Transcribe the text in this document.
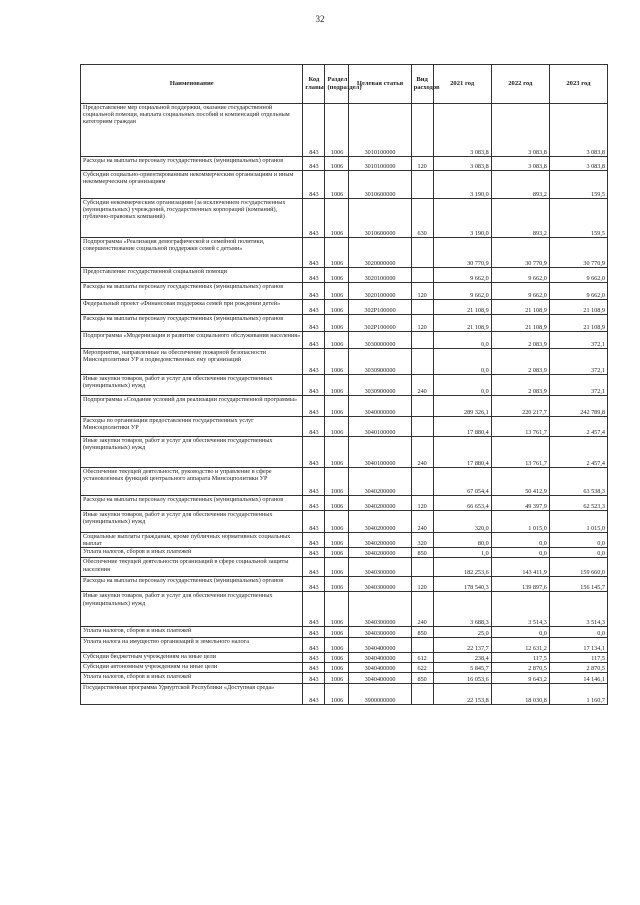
32
Наименование	Код главы	Раздел (подраздел)	Целевая статья	Вид расходов	2021 год	2022 год	2023 год
Предоставление мер социальной поддержки, оказание государственной социальной помощи, выплата социальных пособий и компенсаций отдельным категориям граждан	843	1006	3010100000		3 083,8	3 083,8	3 083,8
Расходы на выплаты персоналу государственных (муниципальных) органов	843	1006	3010100000	120	3 083,8	3 083,8	3 083,8
Субсидии социально-ориентированным некоммерческим организациям и иным некоммерческим организациям	843	1006	3010600000		3 190,0	893,2	159,5
Субсидии некоммерческим организациям (за исключением государственных (муниципальных) учреждений, государственных корпораций (компаний), публично-правовых компаний)	843	1006	3010600000	630	3 190,0	893,2	159,5
Подпрограмма «Реализация демографической и семейной политики, совершенствование социальной поддержки семей с детьми»	843	1006	3020000000		30 770,9	30 770,9	30 770,9
Предоставление государственной социальной помощи	843	1006	3020100000		9 662,0	9 662,0	9 662,0
Расходы на выплаты персоналу государственных (муниципальных) органов	843	1006	3020100000	120	9 662,0	9 662,0	9 662,0
Федеральный проект «Финансовая поддержка семей при рождении детей»	843	1006	302P100000		21 108,9	21 108,9	21 108,9
Расходы на выплаты персоналу государственных (муниципальных) органов	843	1006	302P100000	120	21 108,9	21 108,9	21 108,9
Подпрограмма «Модернизация и развитие социального обслуживания населения»	843	1006	3030000000		0,0	2 083,9	372,1
Мероприятия, направленные на обеспечение пожарной безопасности Минсоцполитики УР и подведомственных ему организаций	843	1006	3030900000		0,0	2 083,9	372,1
Иные закупки товаров, работ и услуг для обеспечения государственных (муниципальных) нужд	843	1006	3030900000	240	0,0	2 083,9	372,1
Подпрограмма «Создание условий для реализации государственной программы»	843	1006	3040000000		289 326,1	220 217,7	242 789,8
Расходы по организации предоставления государственных услуг Минсоцполитики УР	843	1006	3040100000		17 880,4	13 761,7	2 457,4
Иные закупки товаров, работ и услуг для обеспечения государственных (муниципальных) нужд	843	1006	3040100000	240	17 880,4	13 761,7	2 457,4
Обеспечение текущей деятельности, руководство и управление в сфере установленных функций центрального аппарата Минсоцполитики УР	843	1006	3040200000		67 054,4	50 412,9	63 538,3
Расходы на выплаты персоналу государственных (муниципальных) органов	843	1006	3040200000	120	66 653,4	49 397,9	62 523,3
Иные закупки товаров, работ и услуг для обеспечения государственных (муниципальных) нужд	843	1006	3040200000	240	320,0	1 015,0	1 015,0
Социальные выплаты гражданам, кроме публичных нормативных социальных выплат	843	1006	3040200000	320	80,0	0,0	0,0
Уплата налогов, сборов и иных платежей	843	1006	3040200000	850	1,0	0,0	0,0
Обеспечение текущей деятельности организаций в сфере социальной защиты населения	843	1006	3040300000		182 253,6	143 411,9	159 660,0
Расходы на выплаты персоналу государственных (муниципальных) органов	843	1006	3040300000	120	178 540,3	139 897,6	156 145,7
Иные закупки товаров, работ и услуг для обеспечения государственных (муниципальных) нужд	843	1006	3040300000	240	3 688,3	3 514,3	3 514,3
Уплата налогов, сборов и иных платежей	843	1006	3040300000	850	25,0	0,0	0,0
Уплата налога на имущество организаций и земельного налога	843	1006	3040400000		22 137,7	12 631,2	17 134,1
Субсидии бюджетным учреждениям на иные цели	843	1006	3040400000	612	238,4	117,5	117,5
Субсидии автономным учреждениям на иные цели	843	1006	3040400000	622	5 845,7	2 870,5	2 870,5
Уплата налогов, сборов и иных платежей	843	1006	3040400000	850	16 053,6	9 643,2	14 146,1
Государственная программа Удмуртской Республики «Доступная среда»	843	1006	3900000000		22 153,8	18 030,8	1 160,7
